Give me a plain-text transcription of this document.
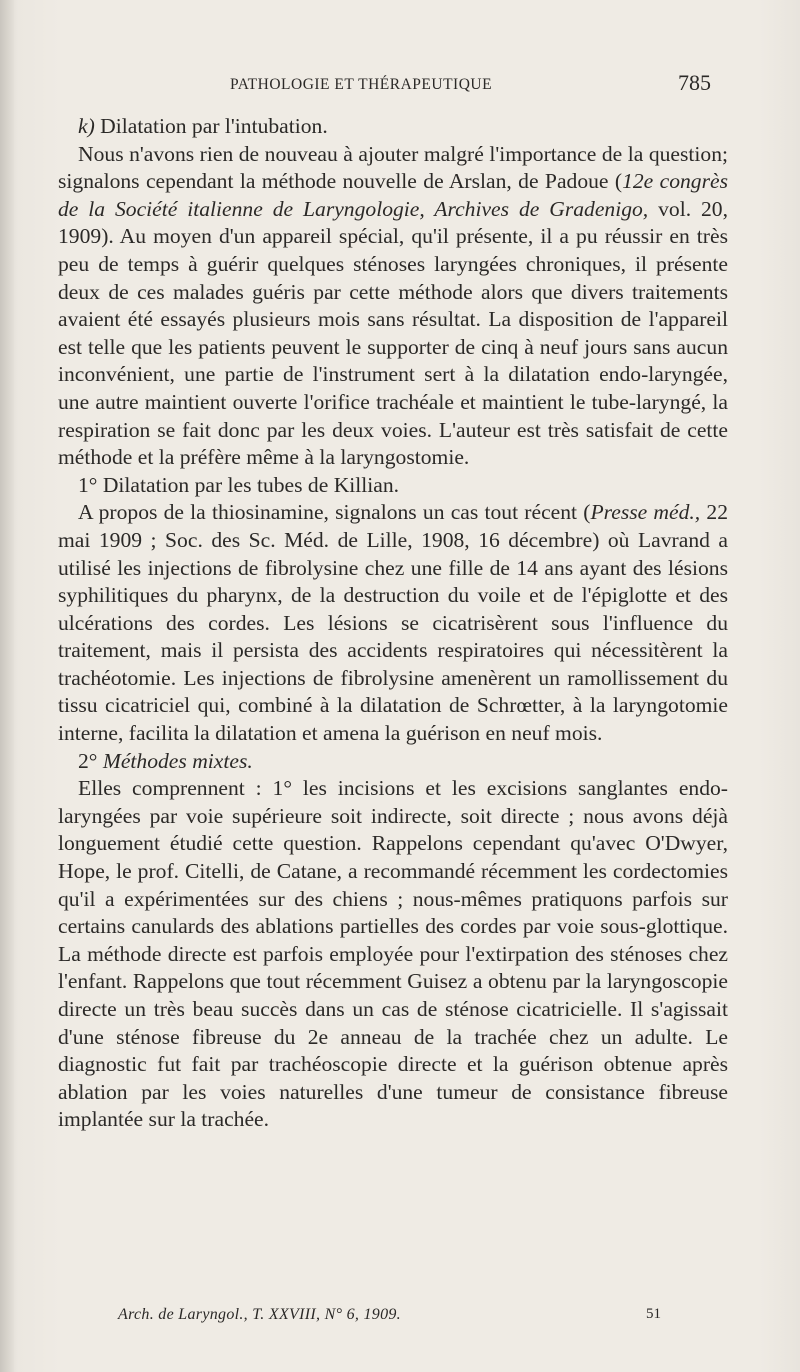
PATHOLOGIE ET THÉRAPEUTIQUE	785

k) Dilatation par l'intubation.

Nous n'avons rien de nouveau à ajouter malgré l'importance de la question; signalons cependant la méthode nouvelle de Arslan, de Padoue (12e congrès de la Société italienne de Laryngologie, Archives de Gradenigo, vol. 20, 1909). Au moyen d'un appareil spécial, qu'il présente, il a pu réussir en très peu de temps à guérir quelques sténoses laryngées chroniques, il présente deux de ces malades guéris par cette méthode alors que divers traitements avaient été essayés plusieurs mois sans résultat. La disposition de l'appareil est telle que les patients peuvent le supporter de cinq à neuf jours sans aucun inconvénient, une partie de l'instrument sert à la dilatation endo-laryngée, une autre maintient ouverte l'orifice trachéale et maintient le tube-laryngé, la respiration se fait donc par les deux voies. L'auteur est très satisfait de cette méthode et la préfère même à la laryngostomie.

1° Dilatation par les tubes de Killian.

A propos de la thiosinamine, signalons un cas tout récent (Presse méd., 22 mai 1909 ; Soc. des Sc. Méd. de Lille, 1908, 16 décembre) où Lavrand a utilisé les injections de fibrolysine chez une fille de 14 ans ayant des lésions syphilitiques du pharynx, de la destruction du voile et de l'épiglotte et des ulcérations des cordes. Les lésions se cicatrisèrent sous l'influence du traitement, mais il persista des accidents respiratoires qui nécessitèrent la trachéotomie. Les injections de fibrolysine amenèrent un ramollissement du tissu cicatriciel qui, combiné à la dilatation de Schrœtter, à la laryngotomie interne, facilita la dilatation et amena la guérison en neuf mois.

2° Méthodes mixtes.

Elles comprennent : 1° les incisions et les excisions sanglantes endo-laryngées par voie supérieure soit indirecte, soit directe ; nous avons déjà longuement étudié cette question. Rappelons cependant qu'avec O'Dwyer, Hope, le prof. Citelli, de Catane, a recommandé récemment les cordectomies qu'il a expérimentées sur des chiens ; nous-mêmes pratiquons parfois sur certains canulards des ablations partielles des cordes par voie sous-glottique. La méthode directe est parfois employée pour l'extirpation des sténoses chez l'enfant. Rappelons que tout récemment Guisez a obtenu par la laryngoscopie directe un très beau succès dans un cas de sténose cicatricielle. Il s'agissait d'une sténose fibreuse du 2e anneau de la trachée chez un adulte. Le diagnostic fut fait par trachéoscopie directe et la guérison obtenue après ablation par les voies naturelles d'une tumeur de consistance fibreuse implantée sur la trachée.

Arch. de Laryngol., T. XXVIII, N° 6, 1909.	51
